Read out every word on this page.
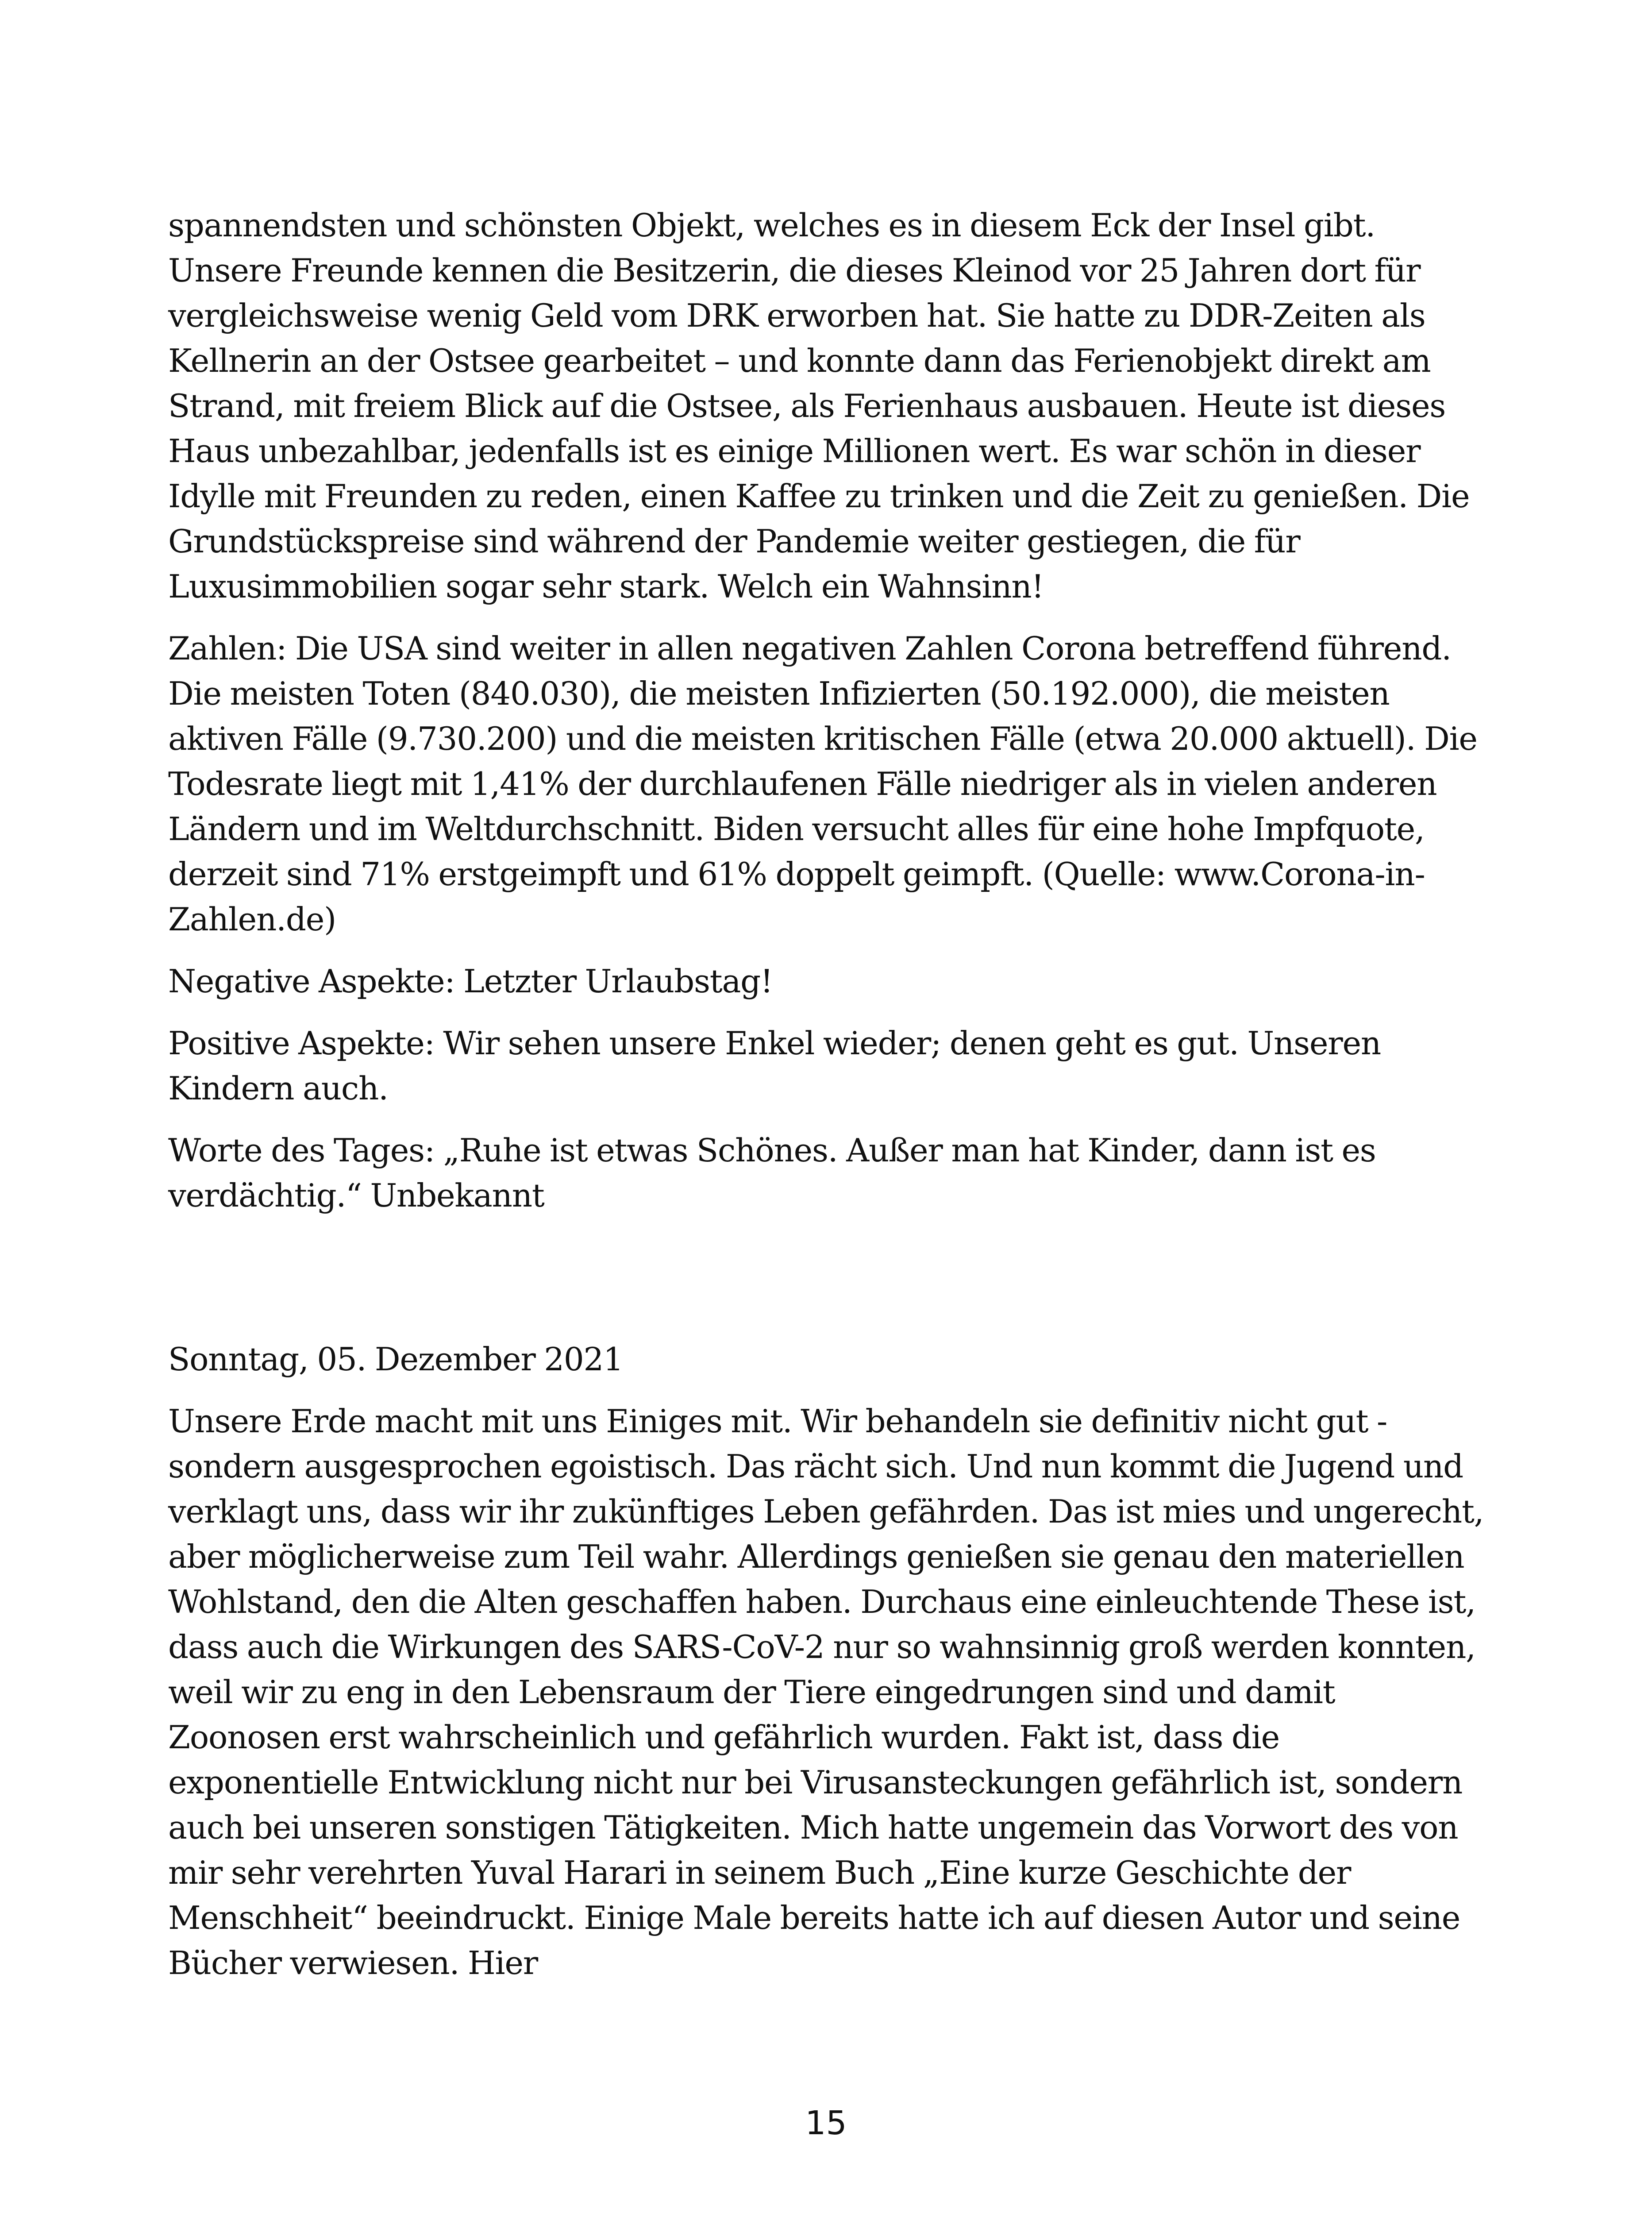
spannendsten und schönsten Objekt, welches es in diesem Eck der Insel gibt. Unsere Freunde kennen die Besitzerin, die dieses Kleinod vor 25 Jahren dort für vergleichsweise wenig Geld vom DRK erworben hat. Sie hatte zu DDR-Zeiten als Kellnerin an der Ostsee gearbeitet – und konnte dann das Ferienobjekt direkt am Strand, mit freiem Blick auf die Ostsee, als Ferienhaus ausbauen. Heute ist dieses Haus unbezahlbar, jedenfalls ist es einige Millionen wert. Es war schön in dieser Idylle mit Freunden zu reden, einen Kaffee zu trinken und die Zeit zu genießen. Die Grundstückspreise sind während der Pandemie weiter gestiegen, die für Luxusimmobilien sogar sehr stark. Welch ein Wahnsinn!

Zahlen: Die USA sind weiter in allen negativen Zahlen Corona betreffend führend. Die meisten Toten (840.030), die meisten Infizierten (50.192.000), die meisten aktiven Fälle (9.730.200) und die meisten kritischen Fälle (etwa 20.000 aktuell). Die Todesrate liegt mit 1,41% der durchlaufenen Fälle niedriger als in vielen anderen Ländern und im Weltdurchschnitt. Biden versucht alles für eine hohe Impfquote, derzeit sind 71% erstgeimpft und 61% doppelt geimpft. (Quelle: www.Corona-in-Zahlen.de)

Negative Aspekte: Letzter Urlaubstag!

Positive Aspekte: Wir sehen unsere Enkel wieder; denen geht es gut. Unseren Kindern auch.

Worte des Tages: „Ruhe ist etwas Schönes. Außer man hat Kinder, dann ist es verdächtig.“ Unbekannt

Sonntag, 05. Dezember 2021

Unsere Erde macht mit uns Einiges mit. Wir behandeln sie definitiv nicht gut - sondern ausgesprochen egoistisch. Das rächt sich. Und nun kommt die Jugend und verklagt uns, dass wir ihr zukünftiges Leben gefährden. Das ist mies und ungerecht, aber möglicherweise zum Teil wahr. Allerdings genießen sie genau den materiellen Wohlstand, den die Alten geschaffen haben. Durchaus eine einleuchtende These ist, dass auch die Wirkungen des SARS-CoV-2 nur so wahnsinnig groß werden konnten, weil wir zu eng in den Lebensraum der Tiere eingedrungen sind und damit Zoonosen erst wahrscheinlich und gefährlich wurden. Fakt ist, dass die exponentielle Entwicklung nicht nur bei Virusansteckungen gefährlich ist, sondern auch bei unseren sonstigen Tätigkeiten. Mich hatte ungemein das Vorwort des von mir sehr verehrten Yuval Harari in seinem Buch „Eine kurze Geschichte der Menschheit“ beeindruckt. Einige Male bereits hatte ich auf diesen Autor und seine Bücher verwiesen. Hier

15
